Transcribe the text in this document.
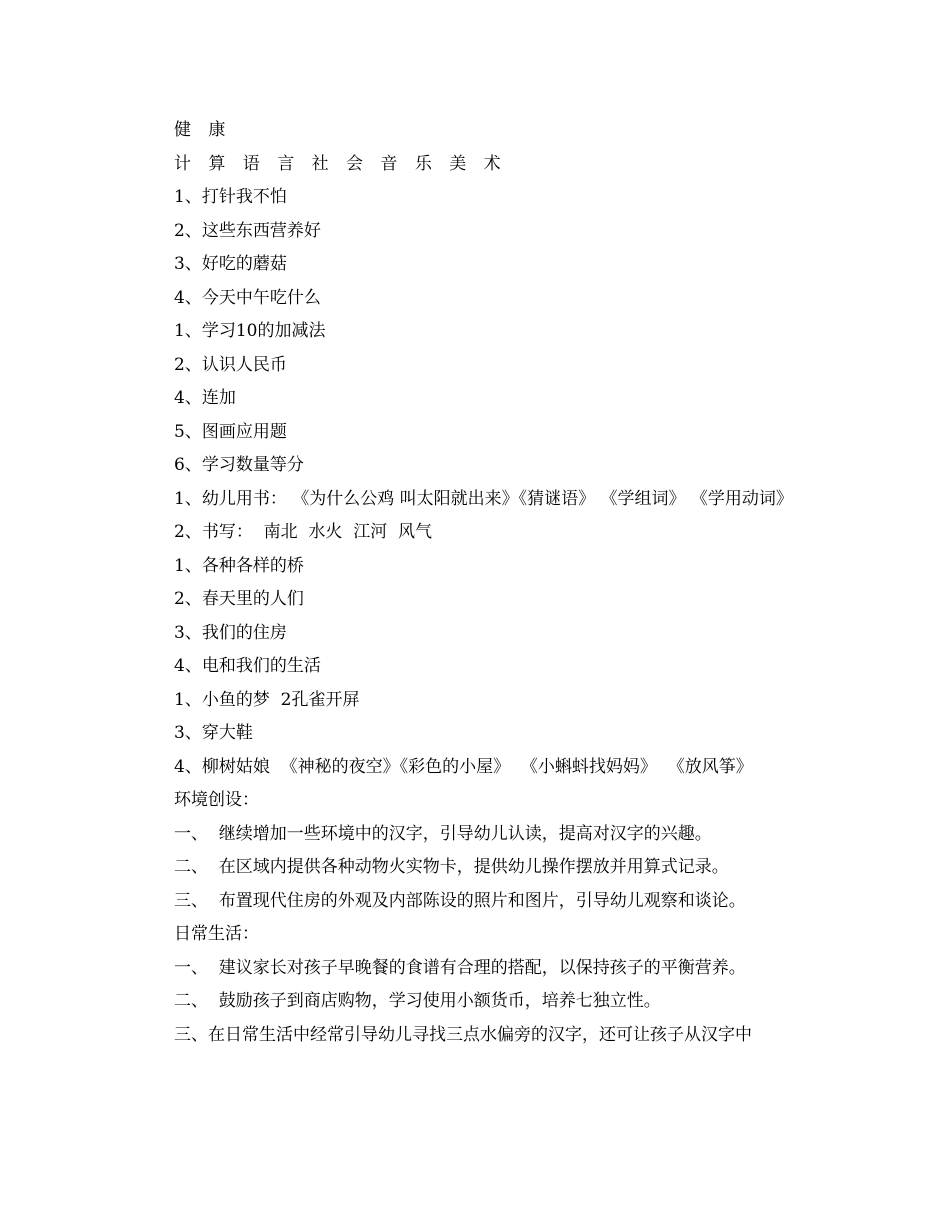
健 康
计 算 语 言 社 会 音 乐 美 术
1、打针我不怕
2、这些东西营养好
3、好吃的蘑菇
4、今天中午吃什么
1、学习10的加减法
2、认识人民币
4、连加
5、图画应用题
6、学习数量等分
1、幼儿用书： 《为什么公鸡 叫太阳就出来》《猜谜语》 《学组词》 《学用动词》
2、书写：  南北  水火  江河  风气
1、各种各样的桥
2、春天里的人们
3、我们的住房
4、电和我们的生活
1、小鱼的梦  2孔雀开屏
3、穿大鞋
4、柳树姑娘  《神秘的夜空》《彩色的小屋》  《小蝌蚪找妈妈》  《放风筝》
环境创设：
一、  继续增加一些环境中的汉字，引导幼儿认读，提高对汉字的兴趣。
二、  在区域内提供各种动物火实物卡，提供幼儿操作摆放并用算式记录。
三、  布置现代住房的外观及内部陈设的照片和图片，引导幼儿观察和谈论。
日常生活：
一、  建议家长对孩子早晚餐的食谱有合理的搭配，以保持孩子的平衡营养。
二、  鼓励孩子到商店购物，学习使用小额货币，培养七独立性。
三、在日常生活中经常引导幼儿寻找三点水偏旁的汉字，还可让孩子从汉字中
